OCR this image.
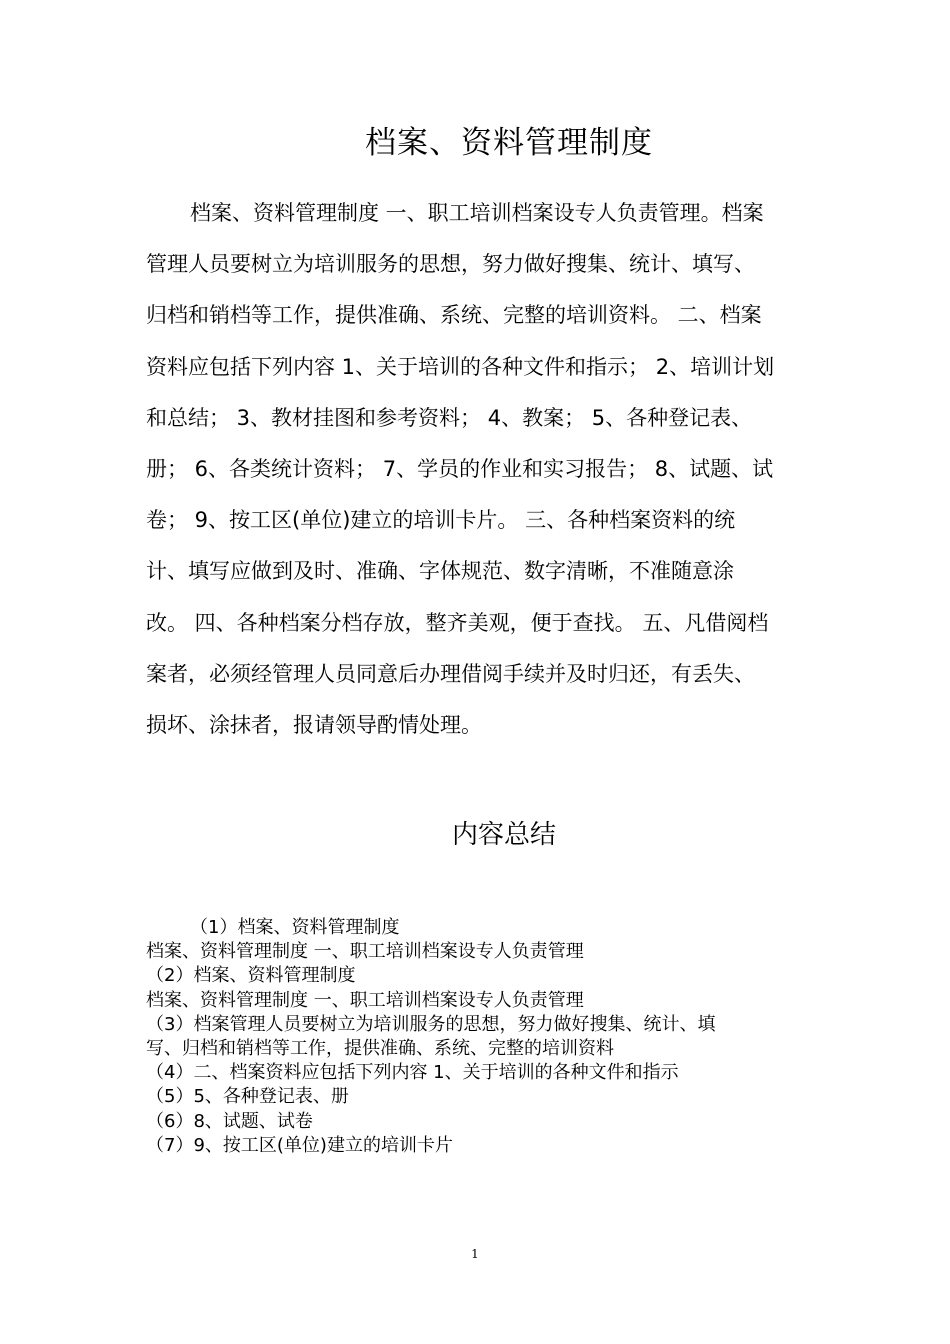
档案、资料管理制度
档案、资料管理制度 一、职工培训档案设专人负责管理。档案
管理人员要树立为培训服务的思想，努力做好搜集、统计、填写、
归档和销档等工作，提供准确、系统、完整的培训资料。 二、档案
资料应包括下列内容 1、关于培训的各种文件和指示； 2、培训计划
和总结； 3、教材挂图和参考资料； 4、教案； 5、各种登记表、
册； 6、各类统计资料； 7、学员的作业和实习报告； 8、试题、试
卷； 9、按工区(单位)建立的培训卡片。 三、各种档案资料的统
计、填写应做到及时、准确、字体规范、数字清晰，不准随意涂
改。 四、各种档案分档存放，整齐美观，便于查找。 五、凡借阅档
案者，必须经管理人员同意后办理借阅手续并及时归还，有丢失、
损坏、涂抹者，报请领导酌情处理。
内容总结
（1）档案、资料管理制度
档案、资料管理制度 一、职工培训档案设专人负责管理
（2）档案、资料管理制度
档案、资料管理制度 一、职工培训档案设专人负责管理
（3）档案管理人员要树立为培训服务的思想，努力做好搜集、统计、填
写、归档和销档等工作，提供准确、系统、完整的培训资料
（4）二、档案资料应包括下列内容 1、关于培训的各种文件和指示
（5）5、各种登记表、册
（6）8、试题、试卷
（7）9、按工区(单位)建立的培训卡片
1
